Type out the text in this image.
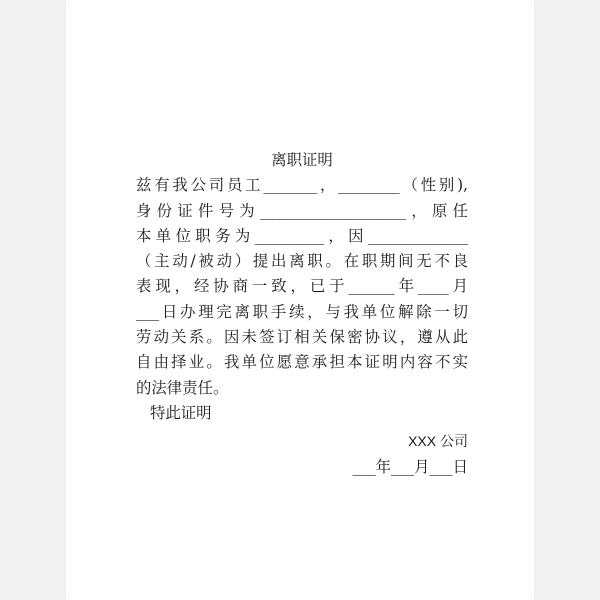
离职证明
兹有我公司员工_______，________（性别),
身份证件号为___________________，原任
本单位职务为_________，因_____________
（主动/被动）提出离职。在职期间无不良
表现，经协商一致，已于______年____月
___日办理完离职手续，与我单位解除一切
劳动关系。因未签订相关保密协议，遵从此
自由择业。我单位愿意承担本证明内容不实
的法律责任。
特此证明
XXX 公司
___年___月___日
